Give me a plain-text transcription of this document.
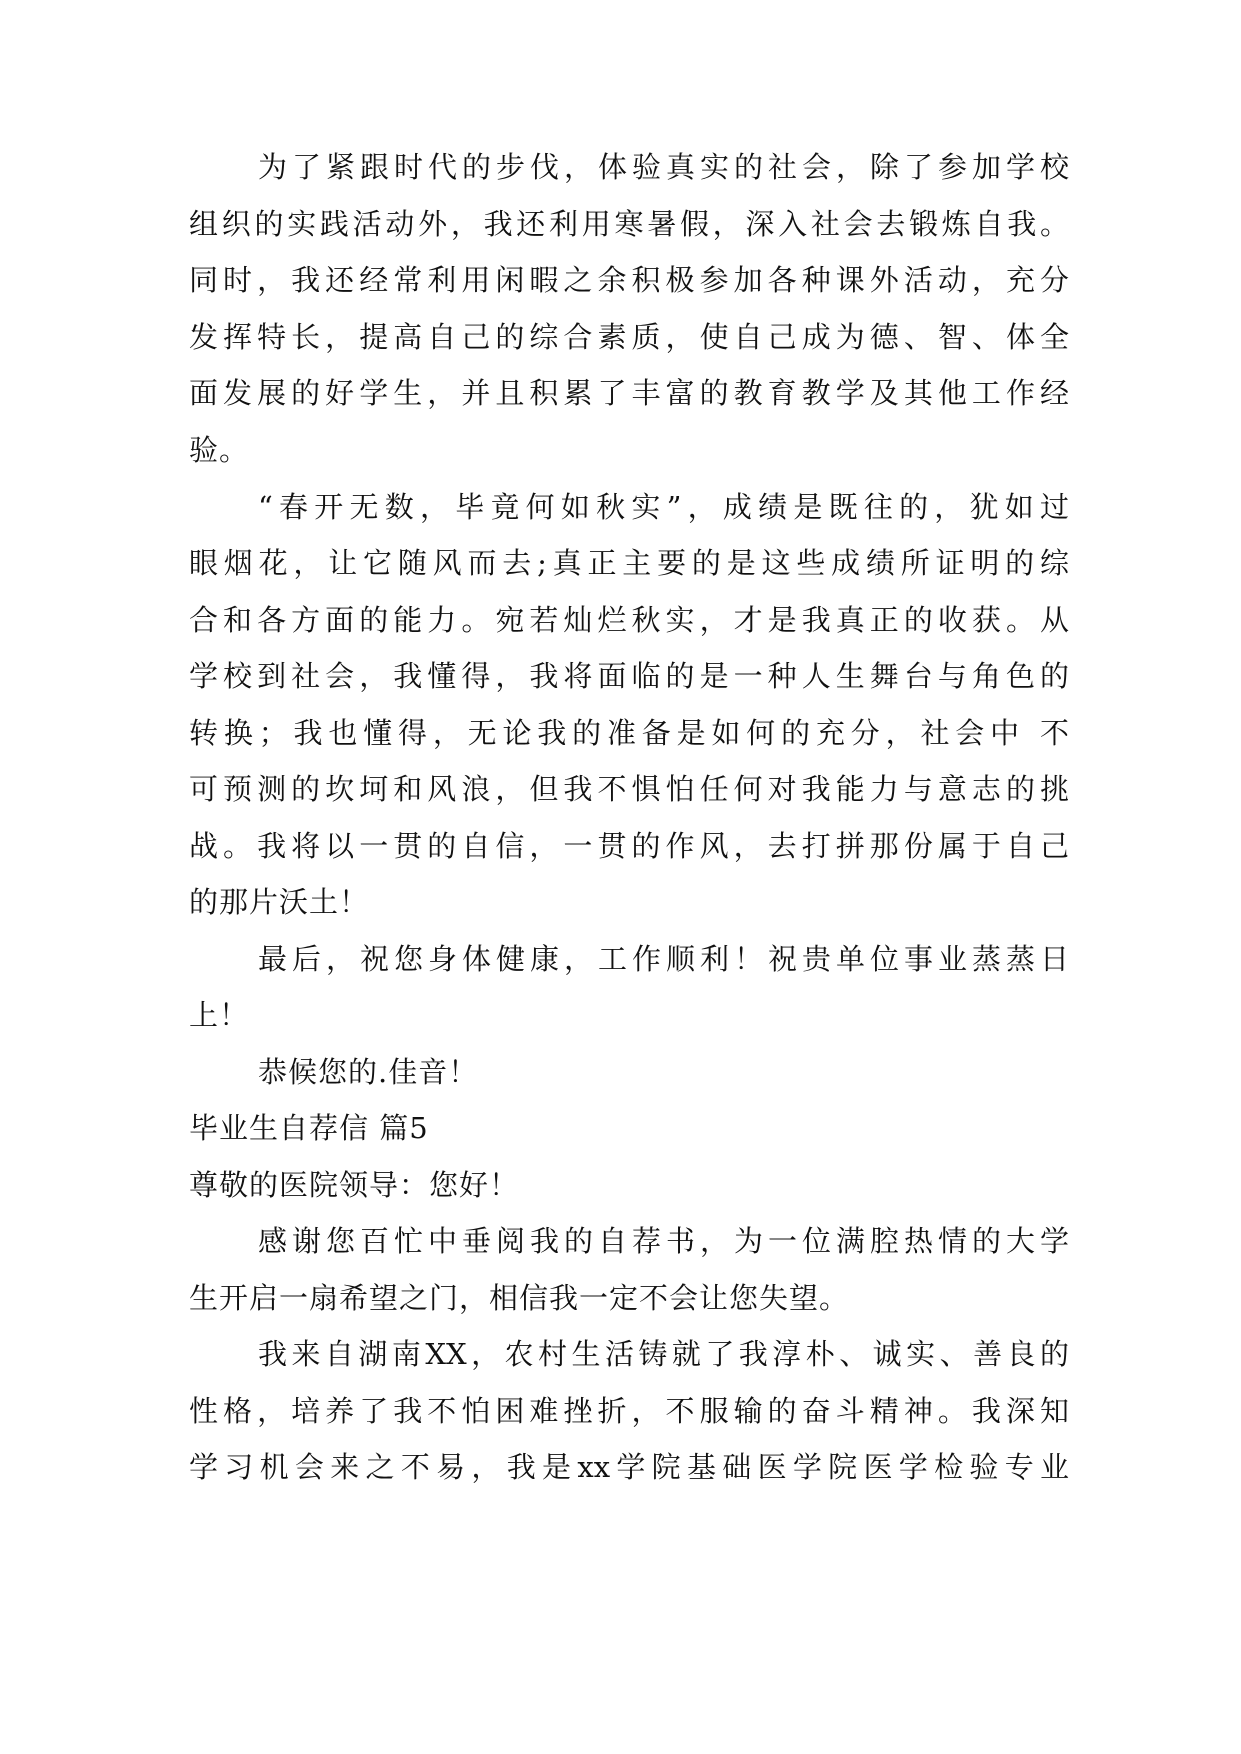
为了紧跟时代的步伐，体验真实的社会，除了参加学校
组织的实践活动外，我还利用寒暑假，深入社会去锻炼自我。
同时，我还经常利用闲暇之余积极参加各种课外活动，充分
发挥特长，提高自己的综合素质，使自己成为德、智、体全
面发展的好学生，并且积累了丰富的教育教学及其他工作经
验。
“春开无数，毕竟何如秋实”，成绩是既往的，犹如过
眼烟花，让它随风而去;真正主要的是这些成绩所证明的综
合和各方面的能力。宛若灿烂秋实，才是我真正的收获。从
学校到社会，我懂得，我将面临的是一种人生舞台与角色的
转换；我也懂得，无论我的准备是如何的充分，社会中 不
可预测的坎坷和风浪，但我不惧怕任何对我能力与意志的挑
战。我将以一贯的自信，一贯的作风，去打拼那份属于自己
的那片沃土！
最后，祝您身体健康，工作顺利！祝贵单位事业蒸蒸日
上！
恭候您的.佳音！
毕业生自荐信 篇5
尊敬的医院领导：您好！
感谢您百忙中垂阅我的自荐书，为一位满腔热情的大学
生开启一扇希望之门，相信我一定不会让您失望。
我来自湖南XX，农村生活铸就了我淳朴、诚实、善良的
性格，培养了我不怕困难挫折，不服输的奋斗精神。我深知
学习机会来之不易，我是xx学院基础医学院医学检验专业
